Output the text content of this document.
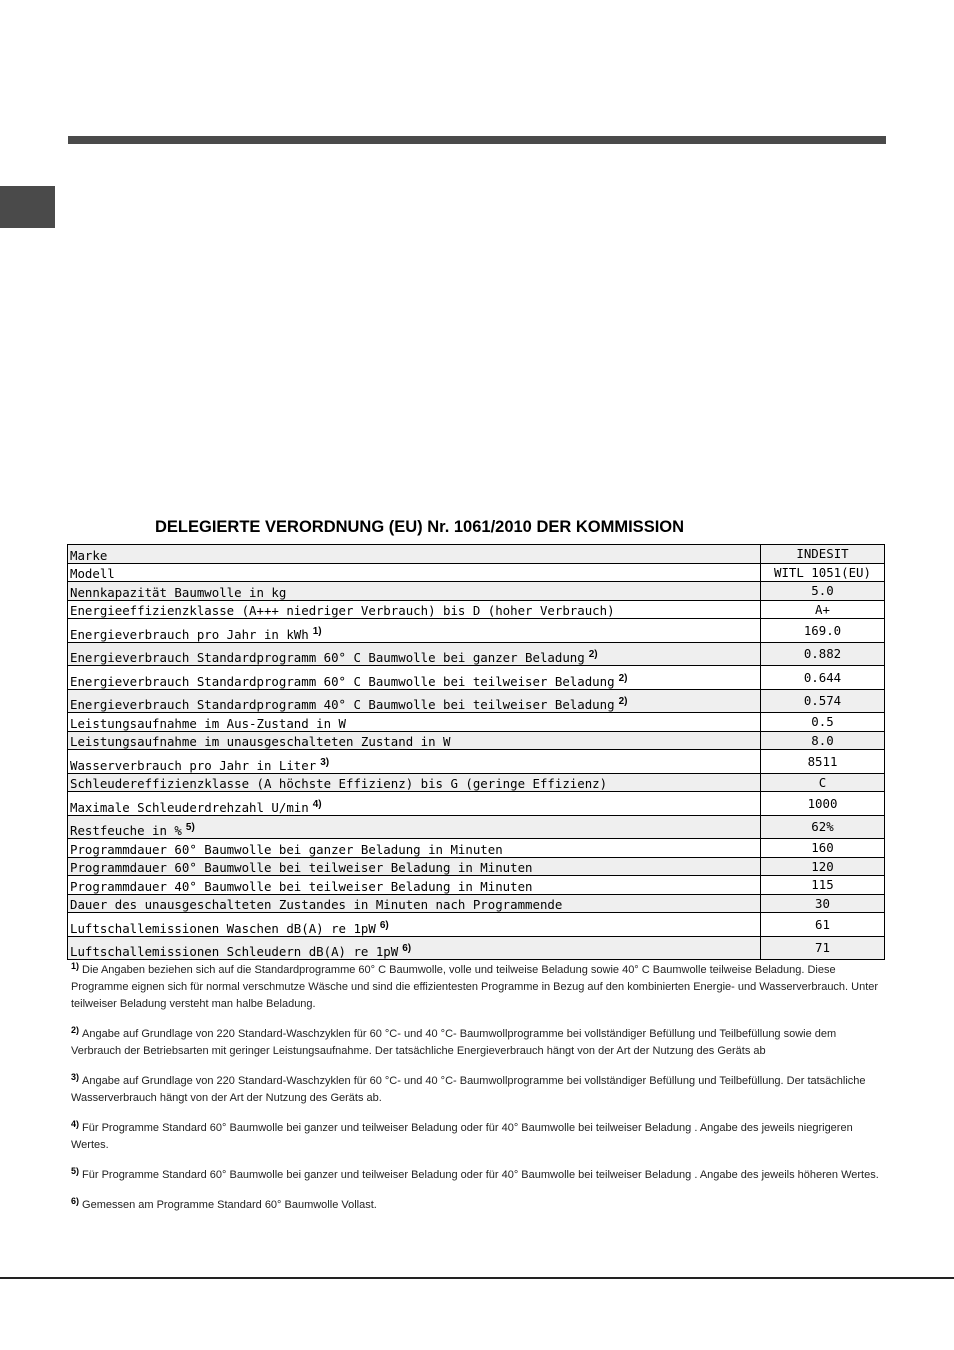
DELEGIERTE VERORDNUNG (EU) Nr. 1061/2010 DER KOMMISSION
Marke	INDESIT
Modell	WITL 1051(EU)
Nennkapazität Baumwolle in kg	5.0
Energieeffizienzklasse (A+++ niedriger Verbrauch) bis D (hoher Verbrauch)	A+
Energieverbrauch pro Jahr in kWh $^{1)}$	169.0
Energieverbrauch Standardprogramm 60° C Baumwolle bei ganzer Beladung $^{2)}$	0.882
Energieverbrauch Standardprogramm 60° C Baumwolle bei teilweiser Beladung $^{2)}$	0.644
Energieverbrauch Standardprogramm 40° C Baumwolle bei teilweiser Beladung $^{2)}$	0.574
Leistungsaufnahme im Aus-Zustand in W	0.5
Leistungsaufnahme im unausgeschalteten Zustand in W	8.0
Wasserverbrauch pro Jahr in Liter $^{3)}$	8511
Schleudereffizienzklasse (A höchste Effizienz) bis G (geringe Effizienz)	C
Maximale Schleuderdrehzahl U/min $^{4)}$	1000
Restfeuche in % $^{5)}$	62%
Programmdauer 60° Baumwolle bei ganzer Beladung in Minuten	160
Programmdauer 60° Baumwolle bei teilweiser Beladung in Minuten	120
Programmdauer 40° Baumwolle bei teilweiser Beladung in Minuten	115
Dauer des unausgeschalteten Zustandes in Minuten nach Programmende	30
Luftschallemissionen Waschen dB(A) re 1pW $^{6)}$	61
Luftschallemissionen Schleudern dB(A) re 1pW $^{6)}$	71

$^{1)}$ Die Angaben beziehen sich auf die Standardprogramme 60° C Baumwolle, volle und teilweise Beladung sowie 40° C Baumwolle teilweise Beladung. Diese Programme eignen sich für normal verschmutze Wäsche und sind die effizientesten Programme in Bezug auf den kombinierten Energie- und Wasserverbrauch. Unter teilweiser Beladung versteht man halbe Beladung.

$^{2)}$ Angabe auf Grundlage von 220 Standard-Waschzyklen für 60 °C- und 40 °C- Baumwollprogramme bei vollständiger Befüllung und Teilbefüllung sowie dem Verbrauch der Betriebsarten mit geringer Leistungsaufnahme. Der tatsächliche Energieverbrauch hängt von der Art der Nutzung des Geräts ab

$^{3)}$ Angabe auf Grundlage von 220 Standard-Waschzyklen für 60 °C- und 40 °C- Baumwollprogramme bei vollständiger Befüllung und Teilbefüllung. Der tatsächliche Wasserverbrauch hängt von der Art der Nutzung des Geräts ab.

$^{4)}$ Für Programme Standard 60° Baumwolle bei ganzer und teilweiser Beladung oder für 40° Baumwolle bei teilweiser Beladung . Angabe des jeweils niegrigeren Wertes.

$^{5)}$ Für Programme Standard 60° Baumwolle bei ganzer und teilweiser Beladung oder für 40° Baumwolle bei teilweiser Beladung . Angabe des jeweils höheren Wertes.

$^{6)}$ Gemessen am Programme Standard 60° Baumwolle Vollast.
